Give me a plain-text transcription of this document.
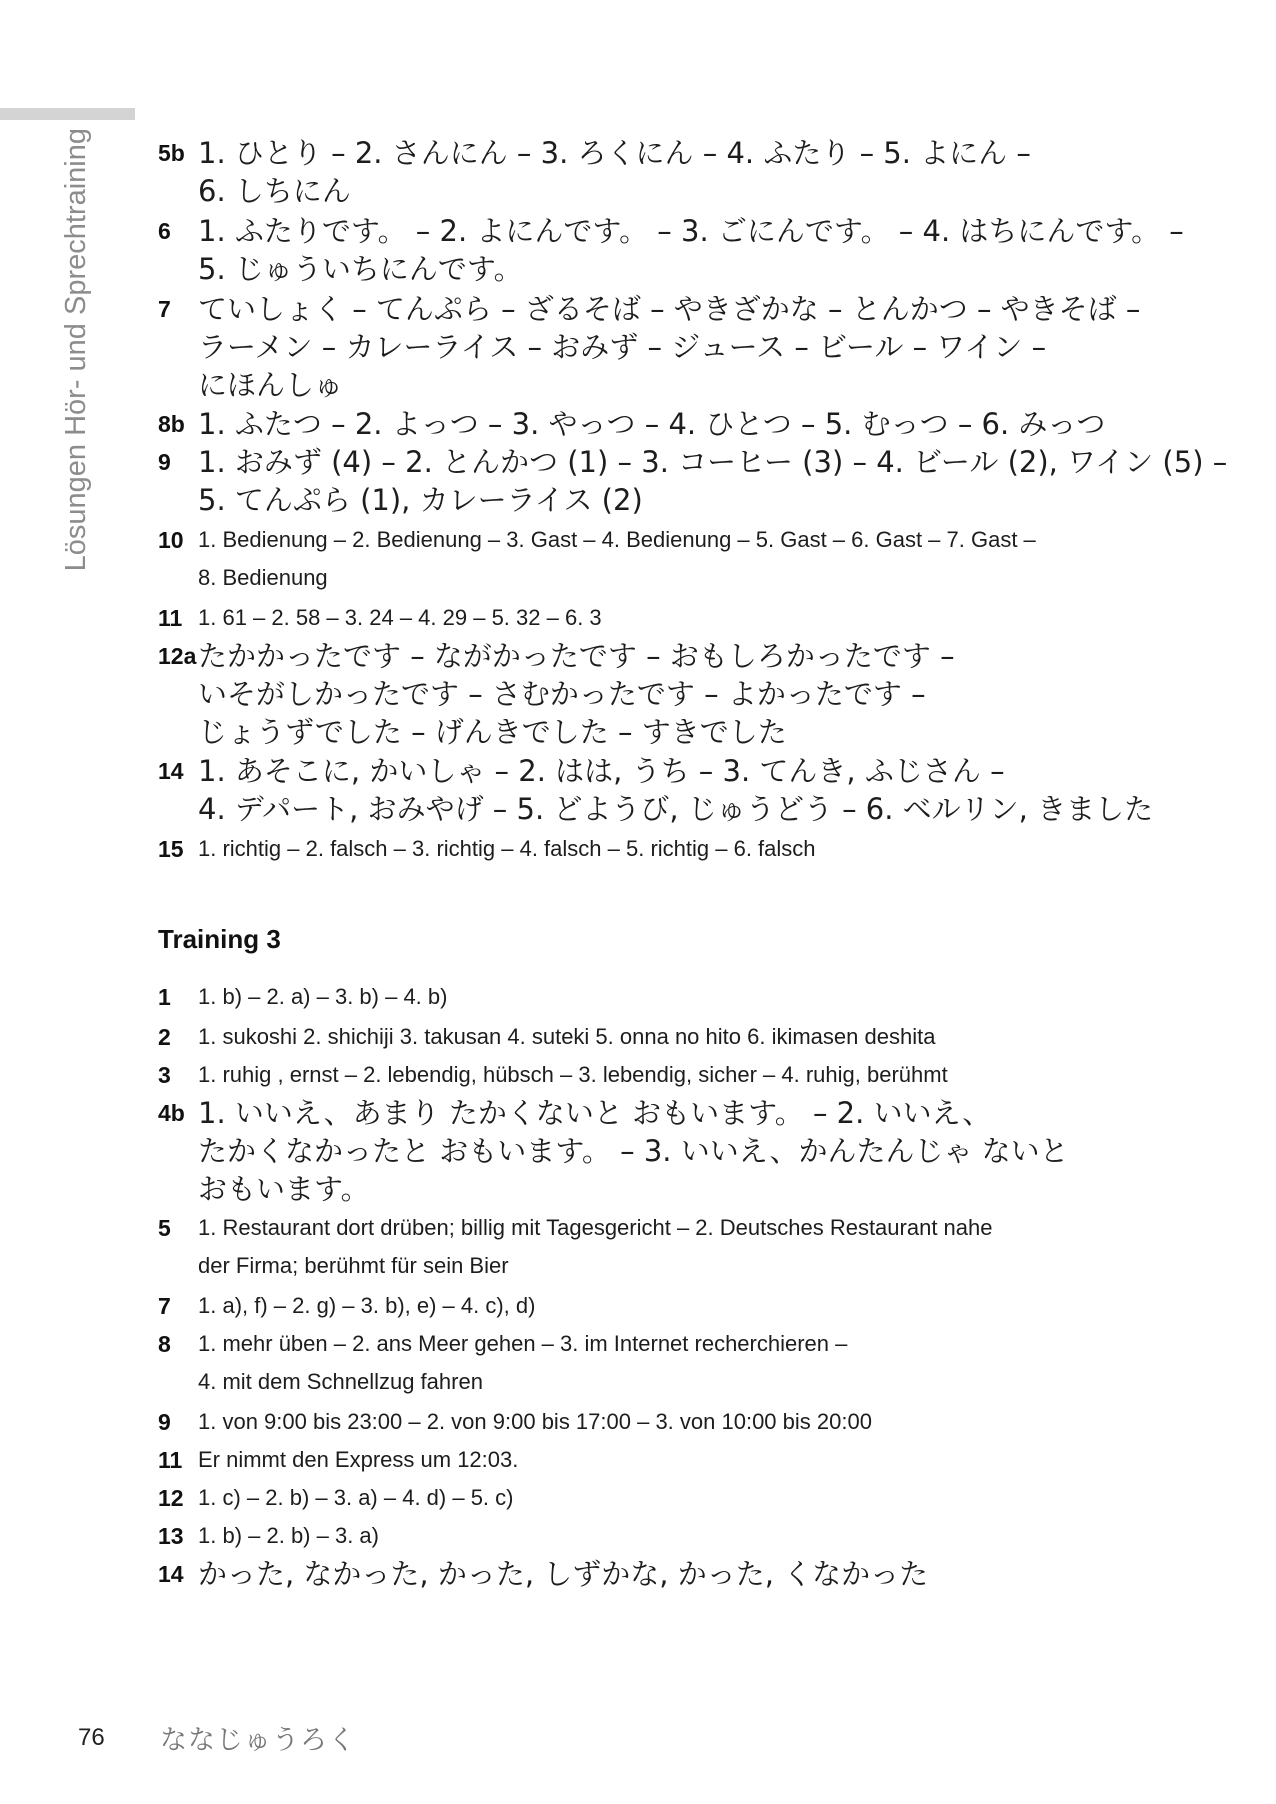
Lösungen Hör- und Sprechtraining	5b 1. ひとり – 2. さんにん – 3. ろくにん – 4. ふたり – 5. よにん –
6. しちにん
6 1. ふたりです。 – 2. よにんです。 – 3. ごにんです。 – 4. はちにんです。 –
5. じゅういちにんです。
7 ていしょく – てんぷら – ざるそば – やきざかな – とんかつ – やきそば –
ラーメン – カレーライス – おみず – ジュース – ビール – ワイン –
にほんしゅ
8b 1. ふたつ – 2. よっつ – 3. やっつ – 4. ひとつ – 5. むっつ – 6. みっつ
9 1. おみず (4) – 2. とんかつ (1) – 3. コーヒー (3) – 4. ビール (2), ワイン (5) –
5. てんぷら (1), カレーライス (2)
10 1. Bedienung – 2. Bedienung – 3. Gast – 4. Bedienung – 5. Gast – 6. Gast – 7. Gast –
8. Bedienung
11 1. 61 – 2. 58 – 3. 24 – 4. 29 – 5. 32 – 6. 3
12a たかかったです – ながかったです – おもしろかったです –
いそがしかったです – さむかったです – よかったです –
じょうずでした – げんきでした – すきでした
14 1. あそこに, かいしゃ – 2. はは, うち – 3. てんき, ふじさん –
4. デパート, おみやげ – 5. どようび, じゅうどう – 6. ベルリン, きました
15 1. richtig – 2. falsch – 3. richtig – 4. falsch – 5. richtig – 6. falsch
1 1. b) – 2. a) – 3. b) – 4. b)
2 1. sukoshi 2. shichiji 3. takusan 4. suteki 5. onna no hito 6. ikimasen deshita
3 1. ruhig , ernst – 2. lebendig, hübsch – 3. lebendig, sicher – 4. ruhig, berühmt
4b 1. いいえ、あまり たかくないと おもいます。 – 2. いいえ、
たかくなかったと おもいます。 – 3. いいえ、かんたんじゃ ないと
おもいます。
5 1. Restaurant dort drüben; billig mit Tagesgericht – 2. Deutsches Restaurant nahe
der Firma; berühmt für sein Bier
7 1. a), f) – 2. g) – 3. b), e) – 4. c), d)
8 1. mehr üben – 2. ans Meer gehen – 3. im Internet recherchieren –
4. mit dem Schnellzug fahren
9 1. von 9:00 bis 23:00 – 2. von 9:00 bis 17:00 – 3. von 10:00 bis 20:00
11 Er nimmt den Express um 12:03.
12 1. c) – 2. b) – 3. a) – 4. d) – 5. c)
13 1. b) – 2. b) – 3. a)
14 かった, なかった, かった, しずかな, かった, くなかった
Training 3
76 ななじゅうろく
